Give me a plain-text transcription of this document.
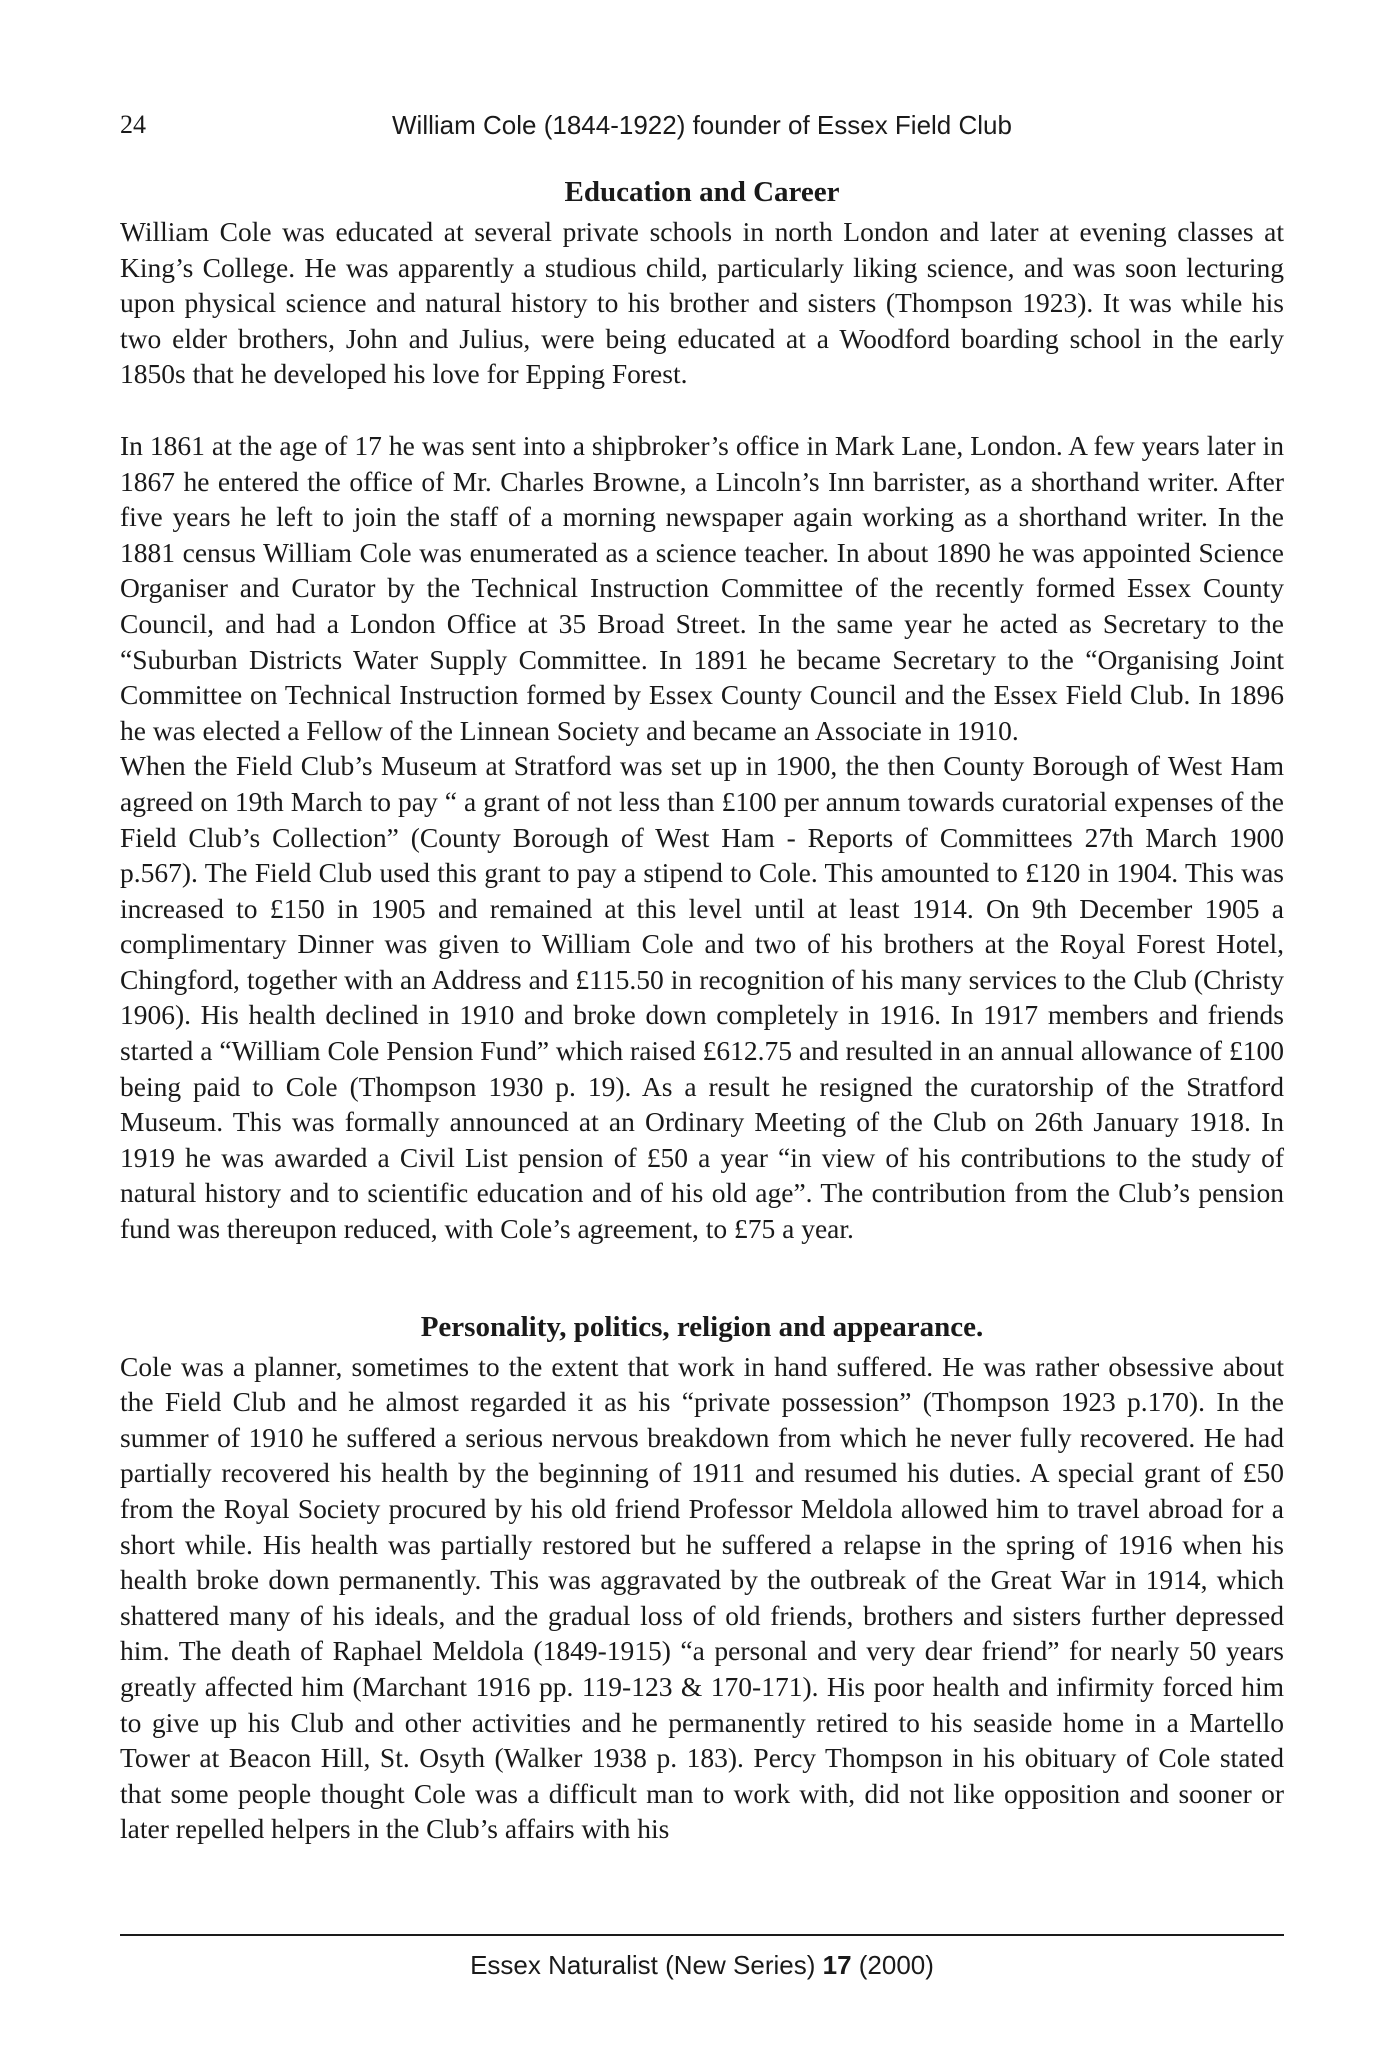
24	William Cole (1844-1922) founder of Essex Field Club
Education and Career

William Cole was educated at several private schools in north London and later at evening classes at King’s College. He was apparently a studious child, particularly liking science, and was soon lecturing upon physical science and natural history to his brother and sisters (Thompson 1923). It was while his two elder brothers, John and Julius, were being educated at a Woodford boarding school in the early 1850s that he developed his love for Epping Forest.

In 1861 at the age of 17 he was sent into a shipbroker’s office in Mark Lane, London. A few years later in 1867 he entered the office of Mr. Charles Browne, a Lincoln’s Inn barrister, as a shorthand writer. After five years he left to join the staff of a morning newspaper again working as a shorthand writer. In the 1881 census William Cole was enumerated as a science teacher. In about 1890 he was appointed Science Organiser and Curator by the Technical Instruction Committee of the recently formed Essex County Council, and had a London Office at 35 Broad Street. In the same year he acted as Secretary to the “Suburban Districts Water Supply Committee. In 1891 he became Secretary to the “Organising Joint Committee on Technical Instruction formed by Essex County Council and the Essex Field Club. In 1896 he was elected a Fellow of the Linnean Society and became an Associate in 1910.

When the Field Club’s Museum at Stratford was set up in 1900, the then County Borough of West Ham agreed on 19th March to pay “ a grant of not less than £100 per annum towards curatorial expenses of the Field Club’s Collection” (County Borough of West Ham - Reports of Committees 27th March 1900 p.567). The Field Club used this grant to pay a stipend to Cole. This amounted to £120 in 1904. This was increased to £150 in 1905 and remained at this level until at least 1914. On 9th December 1905 a complimentary Dinner was given to William Cole and two of his brothers at the Royal Forest Hotel, Chingford, together with an Address and £115.50 in recognition of his many services to the Club (Christy 1906). His health declined in 1910 and broke down completely in 1916. In 1917 members and friends started a “William Cole Pension Fund” which raised £612.75 and resulted in an annual allowance of £100 being paid to Cole (Thompson 1930 p. 19). As a result he resigned the curatorship of the Stratford Museum. This was formally announced at an Ordinary Meeting of the Club on 26th January 1918. In 1919 he was awarded a Civil List pension of £50 a year “in view of his contributions to the study of natural history and to scientific education and of his old age”. The contribution from the Club’s pension fund was thereupon reduced, with Cole’s agreement, to £75 a year.

Personality, politics, religion and appearance.

Cole was a planner, sometimes to the extent that work in hand suffered. He was rather obsessive about the Field Club and he almost regarded it as his “private possession” (Thompson 1923 p.170). In the summer of 1910 he suffered a serious nervous breakdown from which he never fully recovered. He had partially recovered his health by the beginning of 1911 and resumed his duties. A special grant of £50 from the Royal Society procured by his old friend Professor Meldola allowed him to travel abroad for a short while. His health was partially restored but he suffered a relapse in the spring of 1916 when his health broke down permanently. This was aggravated by the outbreak of the Great War in 1914, which shattered many of his ideals, and the gradual loss of old friends, brothers and sisters further depressed him. The death of Raphael Meldola (1849-1915) “a personal and very dear friend” for nearly 50 years greatly affected him (Marchant 1916 pp. 119-123 & 170-171). His poor health and infirmity forced him to give up his Club and other activities and he permanently retired to his seaside home in a Martello Tower at Beacon Hill, St. Osyth (Walker 1938 p. 183). Percy Thompson in his obituary of Cole stated that some people thought Cole was a difficult man to work with, did not like opposition and sooner or later repelled helpers in the Club’s affairs with his

Essex Naturalist (New Series) 17 (2000)
